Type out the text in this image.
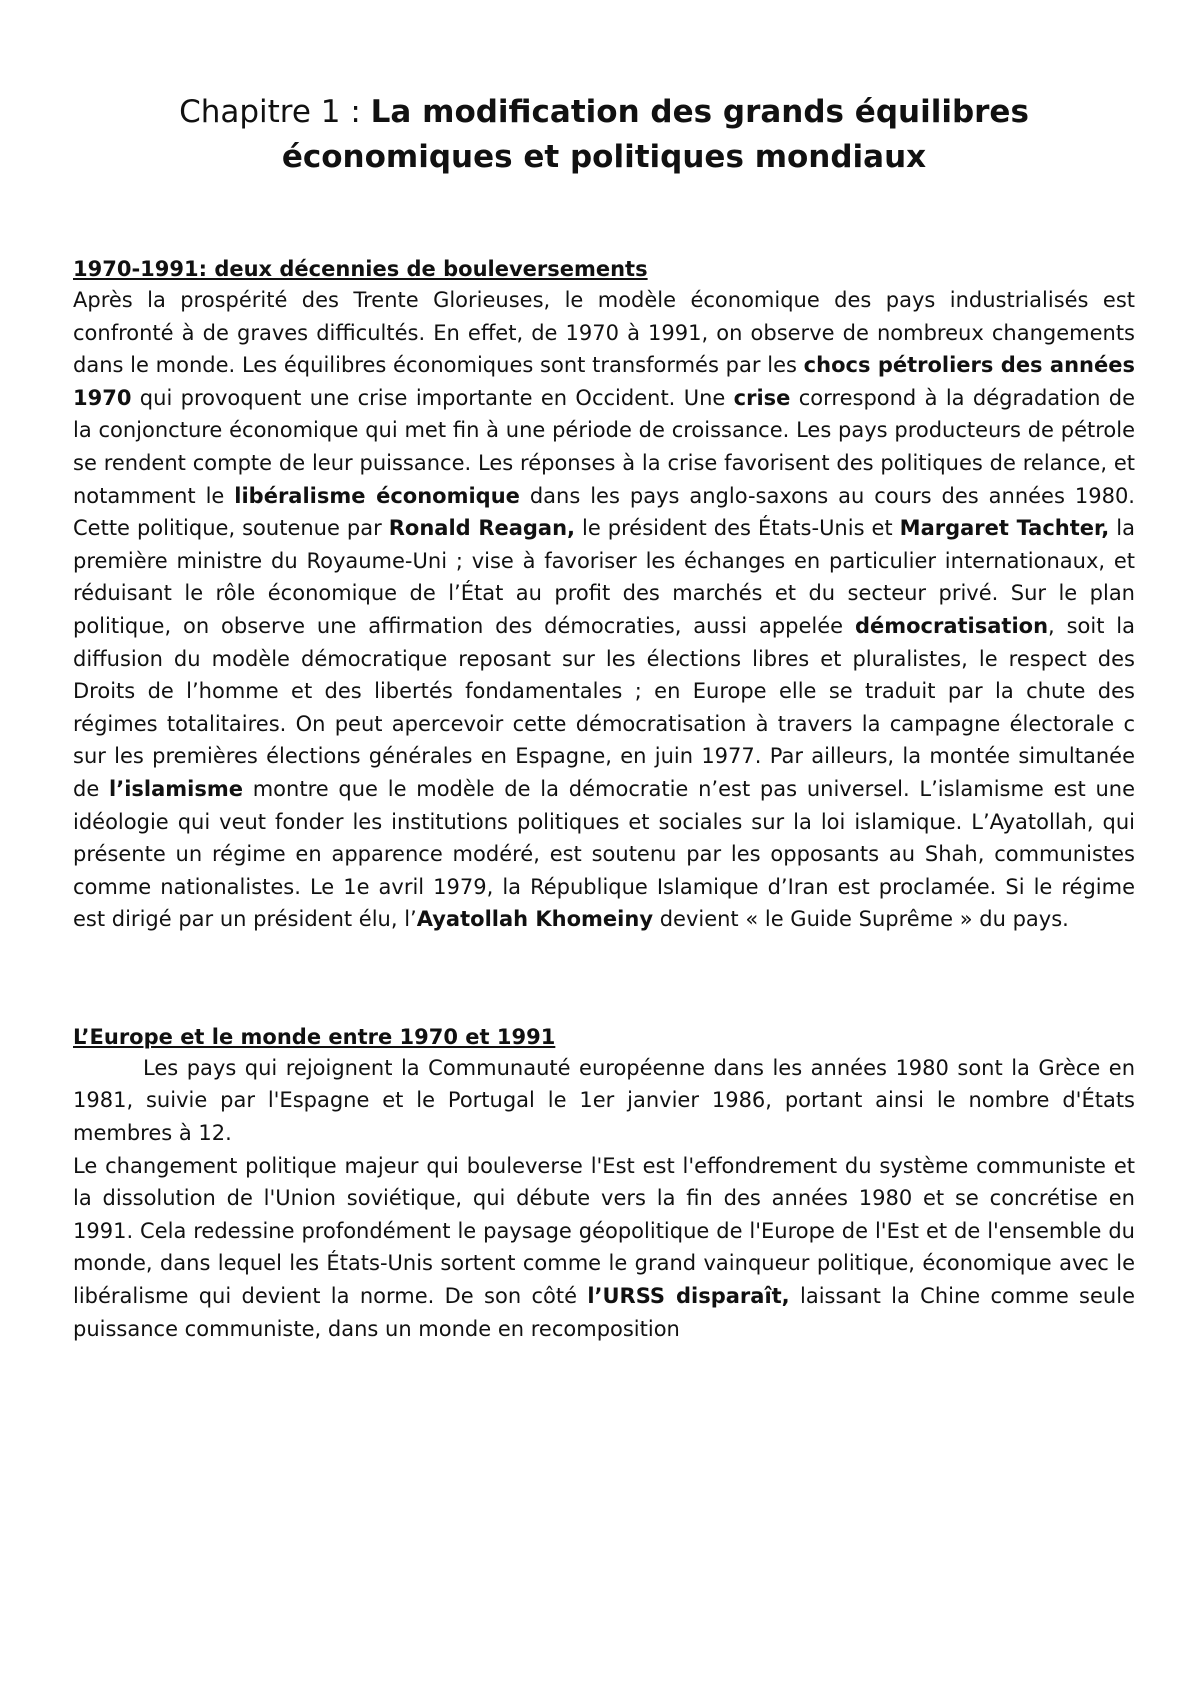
Chapitre 1 : La modification des grands équilibres économiques et politiques mondiaux
1970-1991: deux décennies de bouleversements

Après la prospérité des Trente Glorieuses, le modèle économique des pays industrialisés est confronté à de graves difficultés. En effet, de 1970 à 1991, on observe de nombreux changements dans le monde. Les équilibres économiques sont transformés par les chocs pétroliers des années 1970 qui provoquent une crise importante en Occident. Une crise correspond à la dégradation de la conjoncture économique qui met fin à une période de croissance. Les pays producteurs de pétrole se rendent compte de leur puissance. Les réponses à la crise favorisent des politiques de relance, et notamment le libéralisme économique dans les pays anglo-saxons au cours des années 1980. Cette politique, soutenue par Ronald Reagan, le président des États-Unis et Margaret Tachter, la première ministre du Royaume-Uni ; vise à favoriser les échanges en particulier internationaux, et réduisant le rôle économique de l’État au profit des marchés et du secteur privé. Sur le plan politique, on observe une affirmation des démocraties, aussi appelée démocratisation, soit la diffusion du modèle démocratique reposant sur les élections libres et pluralistes, le respect des Droits de l’homme et des libertés fondamentales ; en Europe elle se traduit par la chute des régimes totalitaires. On peut apercevoir cette démocratisation à travers la campagne électorale c sur les premières élections générales en Espagne, en juin 1977. Par ailleurs, la montée simultanée de l’islamisme montre que le modèle de la démocratie n’est pas universel. L’islamisme est une idéologie qui veut fonder les institutions politiques et sociales sur la loi islamique. L’Ayatollah, qui présente un régime en apparence modéré, est soutenu par les opposants au Shah, communistes comme nationalistes. Le 1e avril 1979, la République Islamique d’Iran est proclamée. Si le régime est dirigé par un président élu, l’Ayatollah Khomeiny devient « le Guide Suprême » du pays.

L’Europe et le monde entre 1970 et 1991

Les pays qui rejoignent la Communauté européenne dans les années 1980 sont la Grèce en 1981, suivie par l'Espagne et le Portugal le 1er janvier 1986, portant ainsi le nombre d'États membres à 12.

Le changement politique majeur qui bouleverse l'Est est l'effondrement du système communiste et la dissolution de l'Union soviétique, qui débute vers la fin des années 1980 et se concrétise en 1991. Cela redessine profondément le paysage géopolitique de l'Europe de l'Est et de l'ensemble du monde, dans lequel les États-Unis sortent comme le grand vainqueur politique, économique avec le libéralisme qui devient la norme. De son côté l’URSS disparaît, laissant la Chine comme seule puissance communiste, dans un monde en recomposition
